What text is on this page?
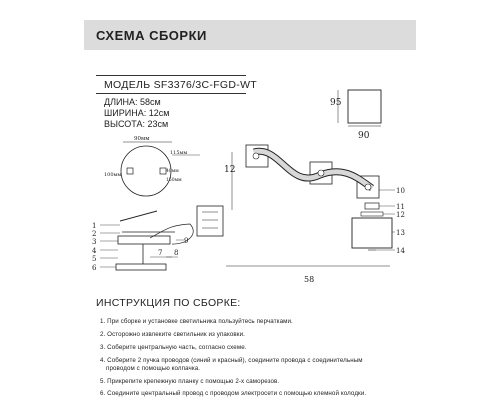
СХЕМА СБОРКИ
МОДЕЛЬ SF3376/3C-FGD-WT
ДЛИНА: 58см
ШИРИНА: 12см
ВЫСОТА: 23см
95
90
90мм
115мм
100мм
40мм
150мм
12
10
11
12
13
14
58
1
2
3
4
5
6
7 8
9
ИНСТРУКЦИЯ ПО СБОРКЕ:
1. При сборке и установке светильника пользуйтесь перчатками.
2. Осторожно извлеките светильник из упаковки.
3. Соберите центральную часть, согласно схеме.
4. Соберите 2 пучка проводов (синий и красный), соедините провода с соединительным
проводом с помощью колпачка.
5. Прикрепите крепежную планку с помощью 2-х саморезов.
6. Соедините центральный провод с проводом электросети с помощью клемной колодки.
